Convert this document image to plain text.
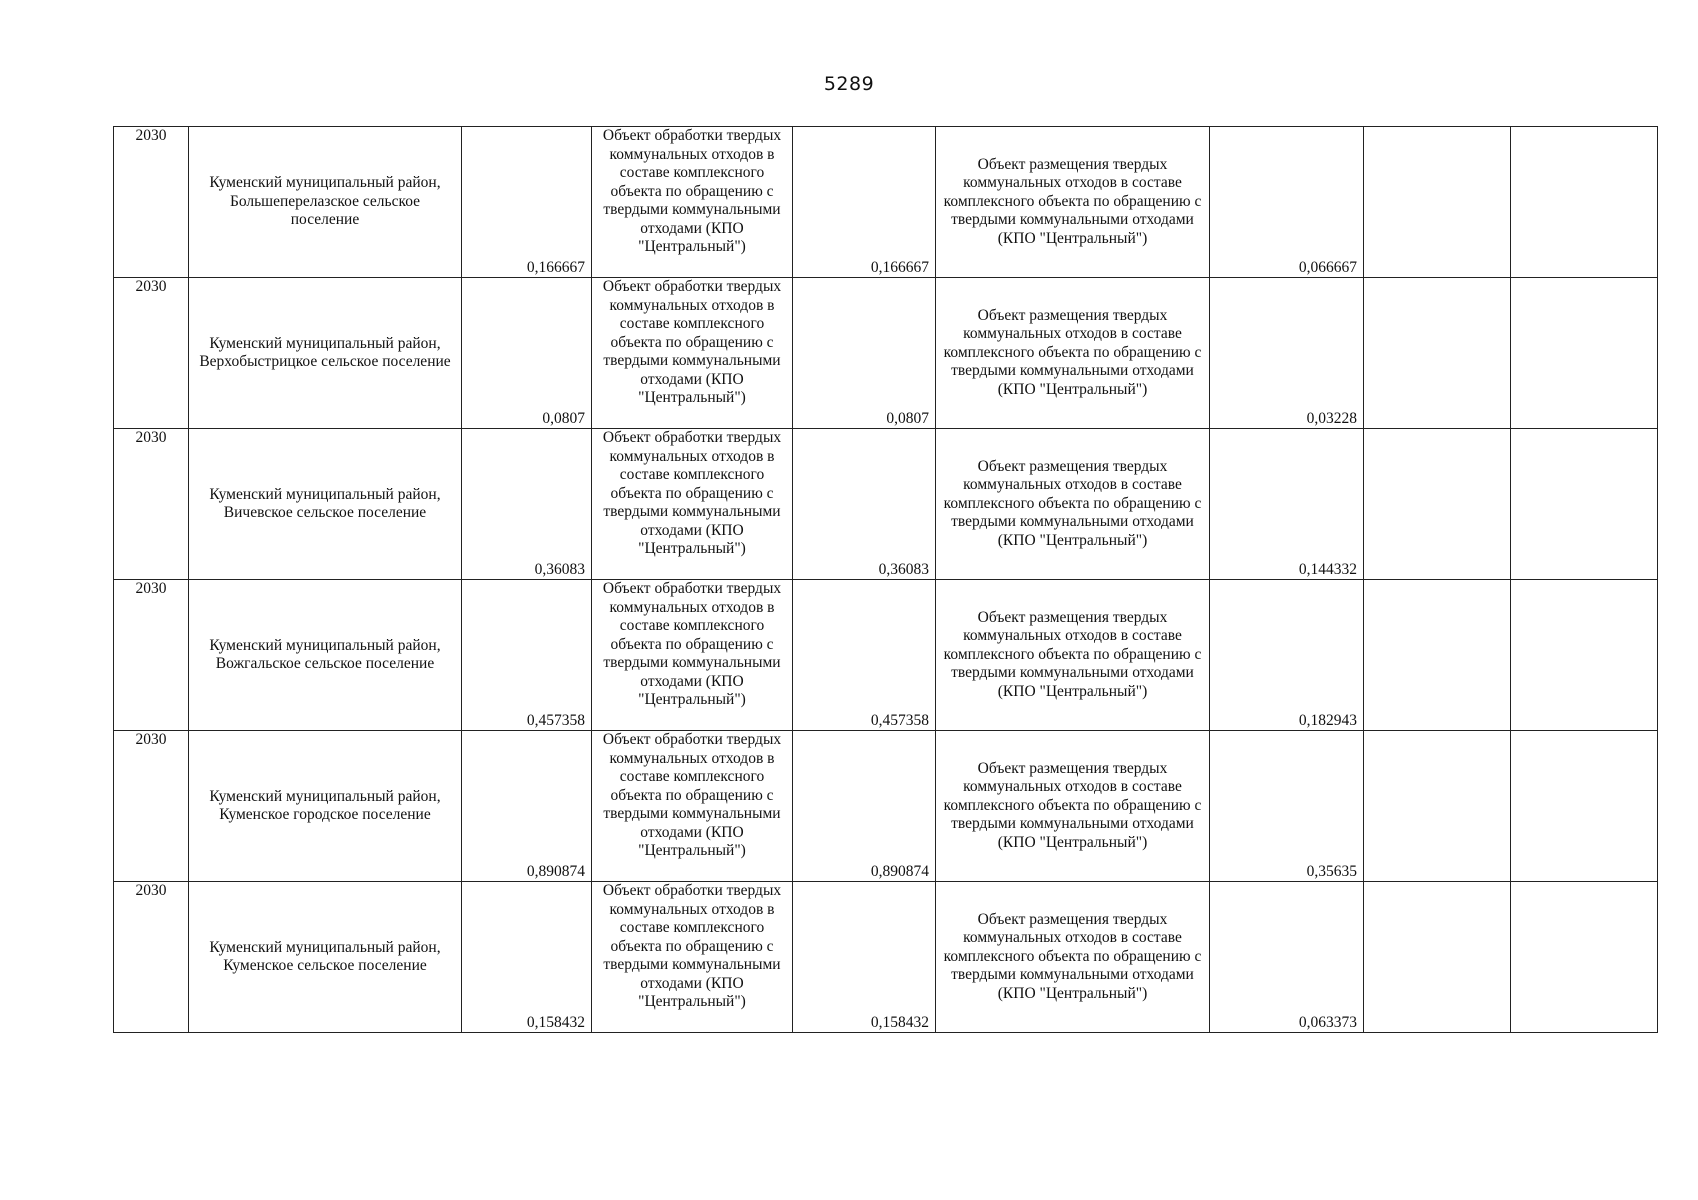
5289
2030	Куменский муниципальный район, Большеперелазское сельское поселение	0,166667	Объект обработки твердых коммунальных отходов в составе комплексного объекта по обращению с твердыми коммунальными отходами (КПО "Центральный")	0,166667	Объект размещения твердых коммунальных отходов в составе комплексного объекта по обращению с твердыми коммунальными отходами (КПО "Центральный")	0,066667		
2030	Куменский муниципальный район, Верхобыстрицкое сельское поселение	0,0807	Объект обработки твердых коммунальных отходов в составе комплексного объекта по обращению с твердыми коммунальными отходами (КПО "Центральный")	0,0807	Объект размещения твердых коммунальных отходов в составе комплексного объекта по обращению с твердыми коммунальными отходами (КПО "Центральный")	0,03228		
2030	Куменский муниципальный район, Вичевское сельское поселение	0,36083	Объект обработки твердых коммунальных отходов в составе комплексного объекта по обращению с твердыми коммунальными отходами (КПО "Центральный")	0,36083	Объект размещения твердых коммунальных отходов в составе комплексного объекта по обращению с твердыми коммунальными отходами (КПО "Центральный")	0,144332		
2030	Куменский муниципальный район, Вожгальское сельское поселение	0,457358	Объект обработки твердых коммунальных отходов в составе комплексного объекта по обращению с твердыми коммунальными отходами (КПО "Центральный")	0,457358	Объект размещения твердых коммунальных отходов в составе комплексного объекта по обращению с твердыми коммунальными отходами (КПО "Центральный")	0,182943		
2030	Куменский муниципальный район, Куменское городское поселение	0,890874	Объект обработки твердых коммунальных отходов в составе комплексного объекта по обращению с твердыми коммунальными отходами (КПО "Центральный")	0,890874	Объект размещения твердых коммунальных отходов в составе комплексного объекта по обращению с твердыми коммунальными отходами (КПО "Центральный")	0,35635		
2030	Куменский муниципальный район, Куменское сельское поселение	0,158432	Объект обработки твердых коммунальных отходов в составе комплексного объекта по обращению с твердыми коммунальными отходами (КПО "Центральный")	0,158432	Объект размещения твердых коммунальных отходов в составе комплексного объекта по обращению с твердыми коммунальными отходами (КПО "Центральный")	0,063373		
